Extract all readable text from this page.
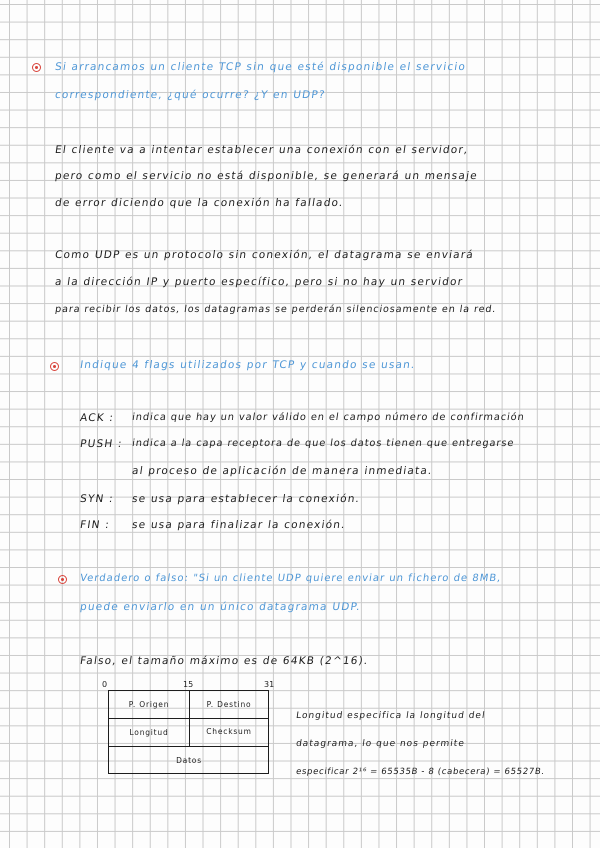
Si arrancamos un cliente TCP sin que esté disponible el servicio
correspondiente, ¿qué ocurre? ¿Y en UDP?
El cliente va a intentar establecer una conexión con el servidor,
pero como el servicio no está disponible, se generará un mensaje
de error diciendo que la conexión ha fallado.
Como UDP es un protocolo sin conexión, el datagrama se enviará
a la dirección IP y puerto específico, pero si no hay un servidor
para recibir los datos, los datagramas se perderán silenciosamente en la red.
Indique 4 flags utilizados por TCP y cuando se usan.
ACK : indica que hay un valor válido en el campo número de confirmación
PUSH : indica a la capa receptora de que los datos tienen que entregarse
al proceso de aplicación de manera inmediata.
SYN : se usa para establecer la conexión.
FIN : se usa para finalizar la conexión.
Verdadero o falso: "Si un cliente UDP quiere enviar un fichero de 8MB,
puede enviarlo en un único datagrama UDP.
Falso, el tamaño máximo es de 64KB (2^16).
0	15	31
P. Origen	P. Destino
Longitud	Checksum
Datos
Longitud especifica la longitud del
datagrama, lo que nos permite
especificar 2¹⁶ = 65535B - 8 (cabecera) = 65527B.
